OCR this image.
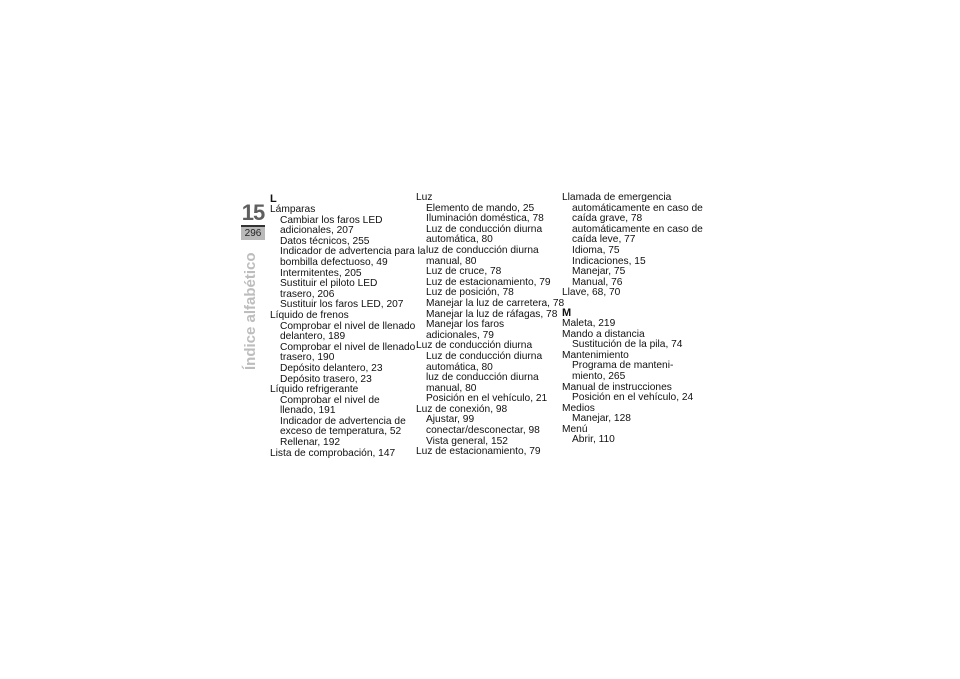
15
296
Índice alfabético
L
Lámparas
Cambiar los faros LED
adicionales, 207
Datos técnicos, 255
Indicador de advertencia para la
bombilla defectuoso, 49
Intermitentes, 205
Sustituir el piloto LED
trasero, 206
Sustituir los faros LED, 207
Líquido de frenos
Comprobar el nivel de llenado
delantero, 189
Comprobar el nivel de llenado
trasero, 190
Depósito delantero, 23
Depósito trasero, 23
Líquido refrigerante
Comprobar el nivel de
llenado, 191
Indicador de advertencia de
exceso de temperatura, 52
Rellenar, 192
Lista de comprobación, 147
Luz
Elemento de mando, 25
Iluminación doméstica, 78
Luz de conducción diurna
automática, 80
luz de conducción diurna
manual, 80
Luz de cruce, 78
Luz de estacionamiento, 79
Luz de posición, 78
Manejar la luz de carretera, 78
Manejar la luz de ráfagas, 78
Manejar los faros
adicionales, 79
Luz de conducción diurna
Luz de conducción diurna
automática, 80
luz de conducción diurna
manual, 80
Posición en el vehículo, 21
Luz de conexión, 98
Ajustar, 99
conectar/desconectar, 98
Vista general, 152
Luz de estacionamiento, 79
Llamada de emergencia
automáticamente en caso de
caída grave, 78
automáticamente en caso de
caída leve, 77
Idioma, 75
Indicaciones, 15
Manejar, 75
Manual, 76
Llave, 68, 70
M
Maleta, 219
Mando a distancia
Sustitución de la pila, 74
Mantenimiento
Programa de manteni-
miento, 265
Manual de instrucciones
Posición en el vehículo, 24
Medios
Manejar, 128
Menú
Abrir, 110
